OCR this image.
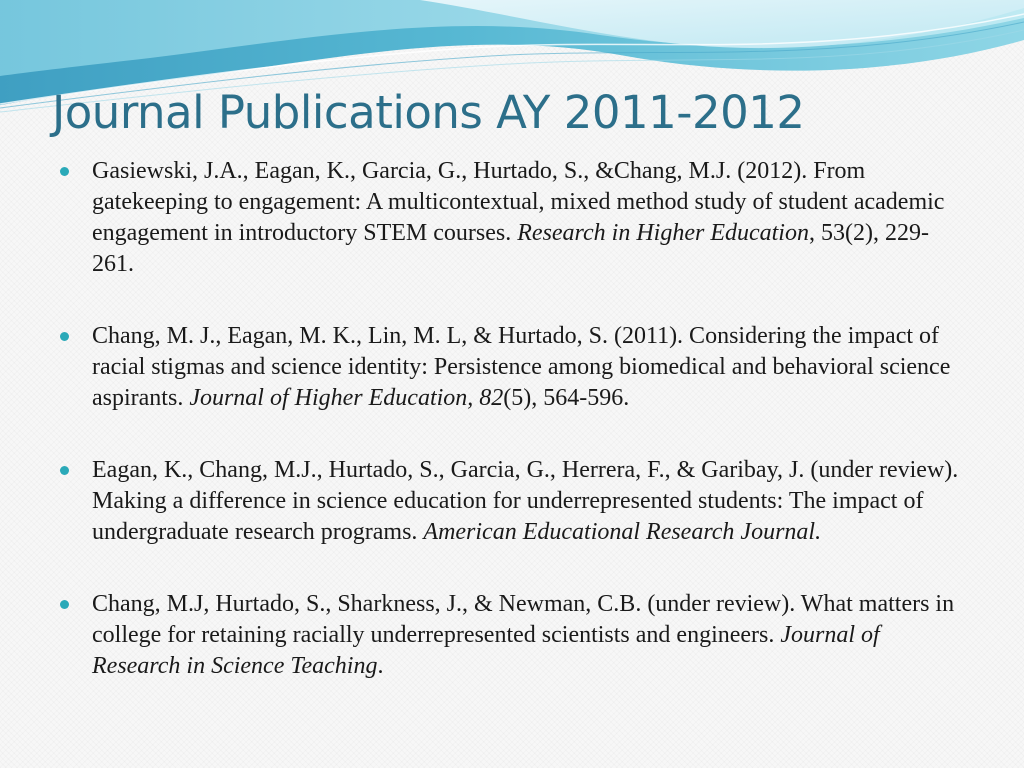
Journal Publications AY 2011-2012
Gasiewski, J.A., Eagan, K., Garcia, G., Hurtado, S., &Chang, M.J. (2012). From gatekeeping to engagement: A multicontextual, mixed method study of student academic engagement in introductory STEM courses. Research in Higher Education, 53(2), 229-261.
Chang, M. J., Eagan, M. K., Lin, M. L, & Hurtado, S. (2011). Considering the impact of racial stigmas and science identity: Persistence among biomedical and behavioral science aspirants. Journal of Higher Education, 82(5), 564-596.
Eagan, K., Chang, M.J., Hurtado, S., Garcia, G., Herrera, F., & Garibay, J. (under review). Making a difference in science education for underrepresented students: The impact of undergraduate research programs. American Educational Research Journal.
Chang, M.J, Hurtado, S., Sharkness, J., & Newman, C.B. (under review). What matters in college for retaining racially underrepresented scientists and engineers. Journal of Research in Science Teaching.
